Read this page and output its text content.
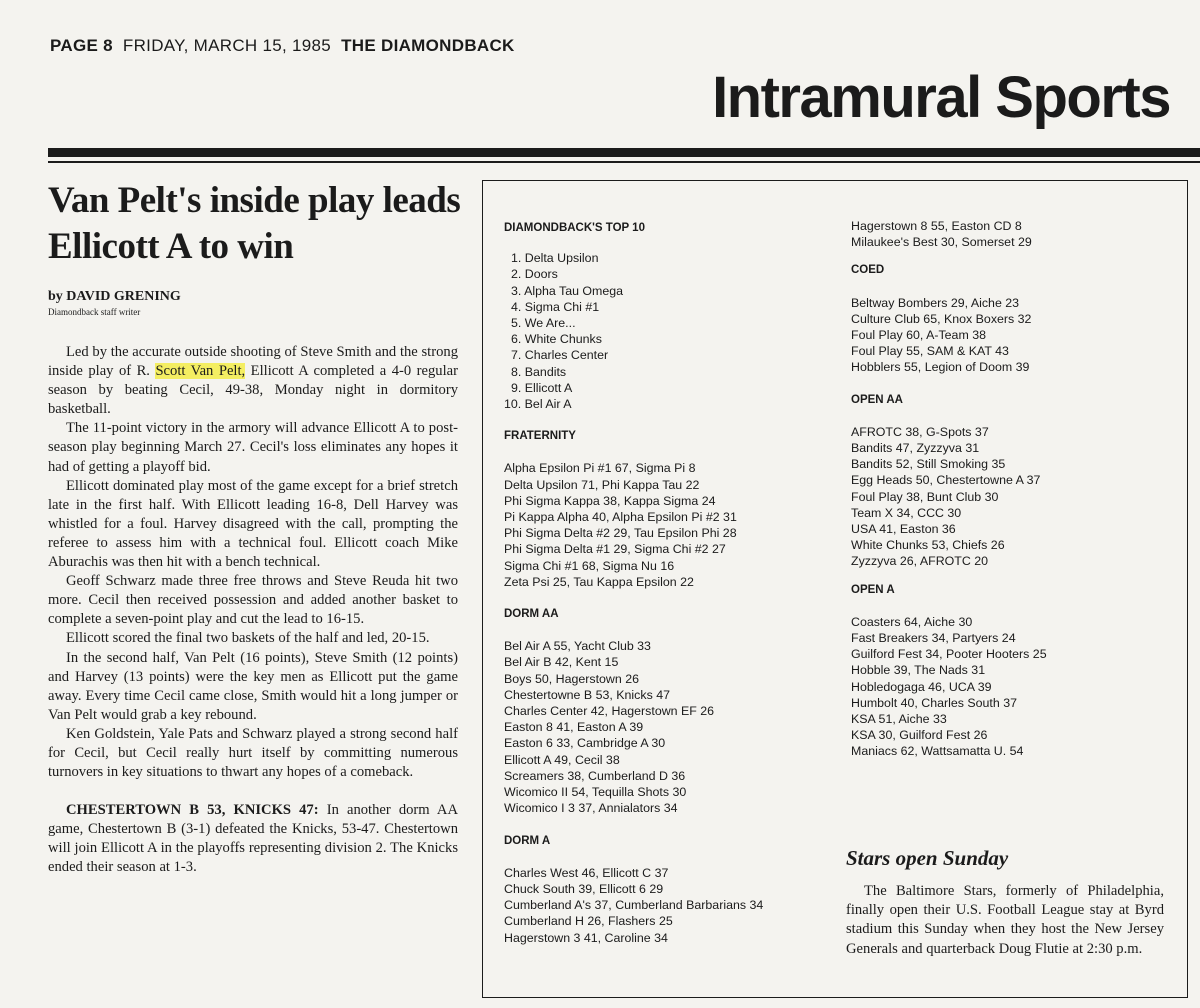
PAGE 8 FRIDAY, MARCH 15, 1985 THE DIAMONDBACK
Intramural Sports
Van Pelt's inside play leads Ellicott A to win
by DAVID GRENING
Diamondback staff writer

Led by the accurate outside shooting of Steve Smith and the strong inside play of R. Scott Van Pelt, Ellicott A completed a 4-0 regular season by beating Cecil, 49-38, Monday night in dormitory basketball.

The 11-point victory in the armory will advance Ellicott A to post-season play beginning March 27. Cecil's loss eliminates any hopes it had of getting a playoff bid.

Ellicott dominated play most of the game except for a brief stretch late in the first half. With Ellicott leading 16-8, Dell Harvey was whistled for a foul. Harvey disagreed with the call, prompting the referee to assess him with a technical foul. Ellicott coach Mike Aburachis was then hit with a bench technical.

Geoff Schwarz made three free throws and Steve Reuda hit two more. Cecil then received possession and added another basket to complete a seven-point play and cut the lead to 16-15.

Ellicott scored the final two baskets of the half and led, 20-15.

In the second half, Van Pelt (16 points), Steve Smith (12 points) and Harvey (13 points) were the key men as Ellicott put the game away. Every time Cecil came close, Smith would hit a long jumper or Van Pelt would grab a key rebound.

Ken Goldstein, Yale Pats and Schwarz played a strong second half for Cecil, but Cecil really hurt itself by committing numerous turnovers in key situations to thwart any hopes of a comeback.

CHESTERTOWN B 53, KNICKS 47: In another dorm AA game, Chestertown B (3-1) defeated the Knicks, 53-47. Chestertown will join Ellicott A in the playoffs representing division 2. The Knicks ended their season at 1-3.

DIAMONDBACK'S TOP 10

1. Delta Upsilon

2. Doors

3. Alpha Tau Omega

4. Sigma Chi #1

5. We Are...

6. White Chunks

7. Charles Center

8. Bandits

9. Ellicott A

10. Bel Air A

FRATERNITY

Alpha Epsilon Pi #1 67, Sigma Pi 8

Delta Upsilon 71, Phi Kappa Tau 22

Phi Sigma Kappa 38, Kappa Sigma 24

Pi Kappa Alpha 40, Alpha Epsilon Pi #2 31

Phi Sigma Delta #2 29, Tau Epsilon Phi 28

Phi Sigma Delta #1 29, Sigma Chi #2 27

Sigma Chi #1 68, Sigma Nu 16

Zeta Psi 25, Tau Kappa Epsilon 22

DORM AA

Bel Air A 55, Yacht Club 33

Bel Air B 42, Kent 15

Boys 50, Hagerstown 26

Chestertowne B 53, Knicks 47

Charles Center 42, Hagerstown EF 26

Easton 8 41, Easton A 39

Easton 6 33, Cambridge A 30

Ellicott A 49, Cecil 38

Screamers 38, Cumberland D 36

Wicomico II 54, Tequilla Shots 30

Wicomico I 3 37, Annialators 34

DORM A

Charles West 46, Ellicott C 37

Chuck South 39, Ellicott 6 29

Cumberland A's 37, Cumberland Barbarians 34

Cumberland H 26, Flashers 25

Hagerstown 3 41, Caroline 34

Hagerstown 8 55, Easton CD 8

Milaukee's Best 30, Somerset 29

COED

Beltway Bombers 29, Aiche 23

Culture Club 65, Knox Boxers 32

Foul Play 60, A-Team 38

Foul Play 55, SAM & KAT 43

Hobblers 55, Legion of Doom 39

OPEN AA

AFROTC 38, G-Spots 37

Bandits 47, Zyzzyva 31

Bandits 52, Still Smoking 35

Egg Heads 50, Chestertowne A 37

Foul Play 38, Bunt Club 30

Team X 34, CCC 30

USA 41, Easton 36

White Chunks 53, Chiefs 26

Zyzzyva 26, AFROTC 20

OPEN A

Coasters 64, Aiche 30

Fast Breakers 34, Partyers 24

Guilford Fest 34, Pooter Hooters 25

Hobble 39, The Nads 31

Hobledogaga 46, UCA 39

Humbolt 40, Charles South 37

KSA 51, Aiche 33

KSA 30, Guilford Fest 26

Maniacs 62, Wattsamatta U. 54

Stars open Sunday

The Baltimore Stars, formerly of Philadelphia, finally open their U.S. Football League stay at Byrd stadium this Sunday when they host the New Jersey Generals and quarterback Doug Flutie at 2:30 p.m.
